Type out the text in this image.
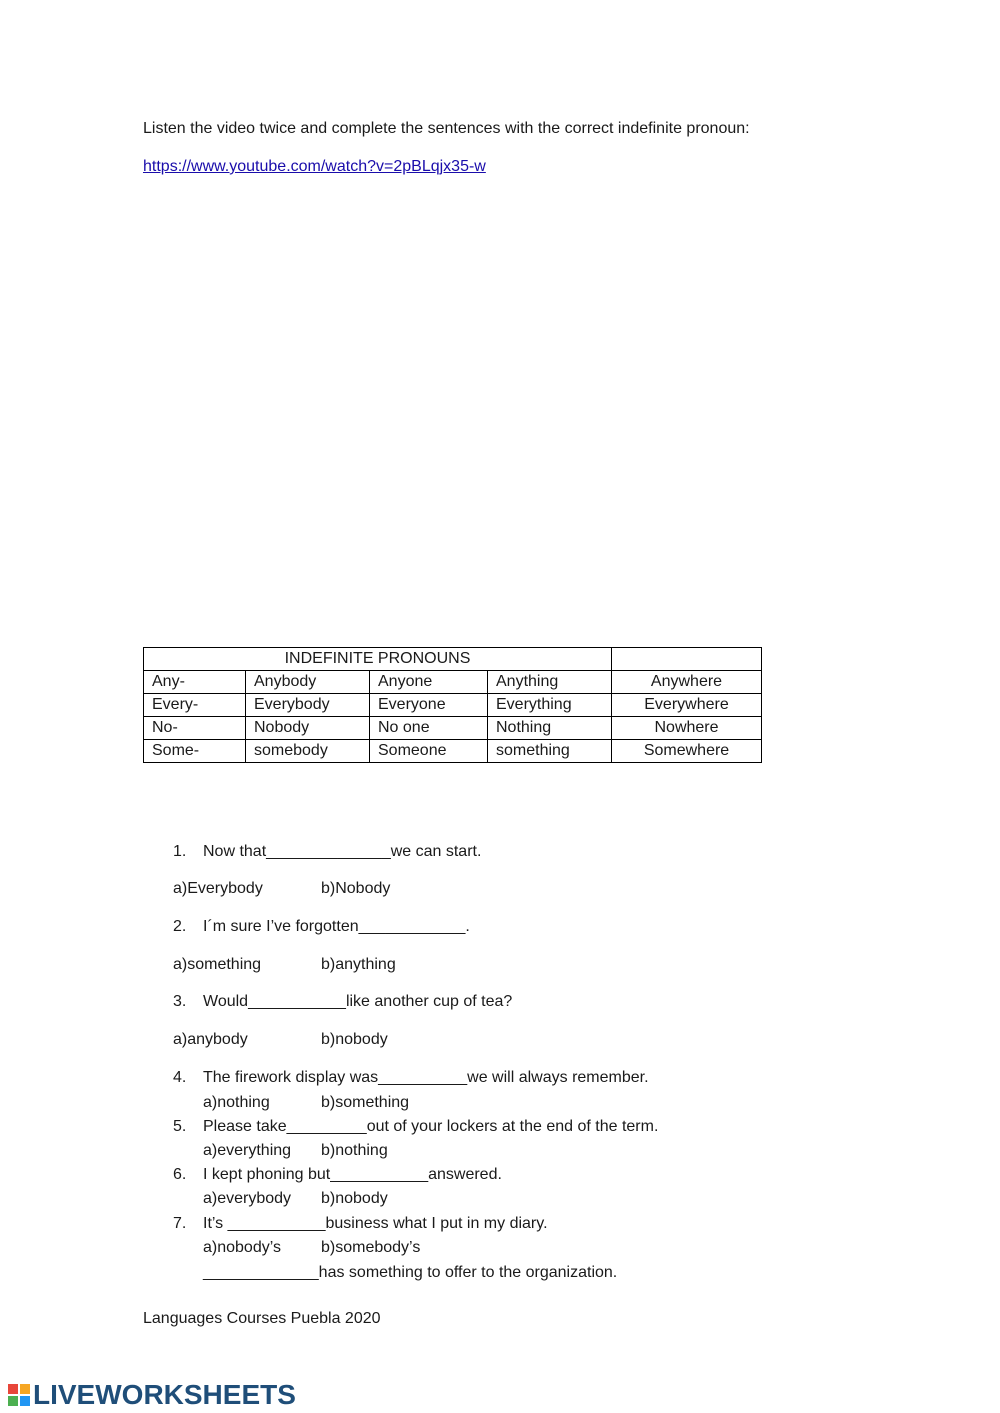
Listen the video twice and complete the sentences with the correct indefinite pronoun:
https://www.youtube.com/watch?v=2pBLqjx35-w
INDEFINITE PRONOUNS				
Any-	Anybody	Anyone	Anything	Anywhere
Every-	Everybody	Everyone	Everything	Everywhere
No-	Nobody	No one	Nothing	Nowhere
Some-	somebody	Someone	something	Somewhere
1. Now that______________we can start.
a)Everybody	b)Nobody
2. I´m sure I’ve forgotten____________.
a)something	b)anything
3. Would___________like another cup of tea?
a)anybody	b)nobody
4. The firework display was__________we will always remember.
a)nothing	b)something
5. Please take_________out of your lockers at the end of the term.
a)everything b)nothing
6. I kept phoning but___________answered.
a)everybody b)nobody
7. It’s ___________business what I put in my diary.
a)nobody’s	b)somebody’s
_____________has something to offer to the organization.
Languages Courses Puebla 2020
LIVEWORKSHEETS
